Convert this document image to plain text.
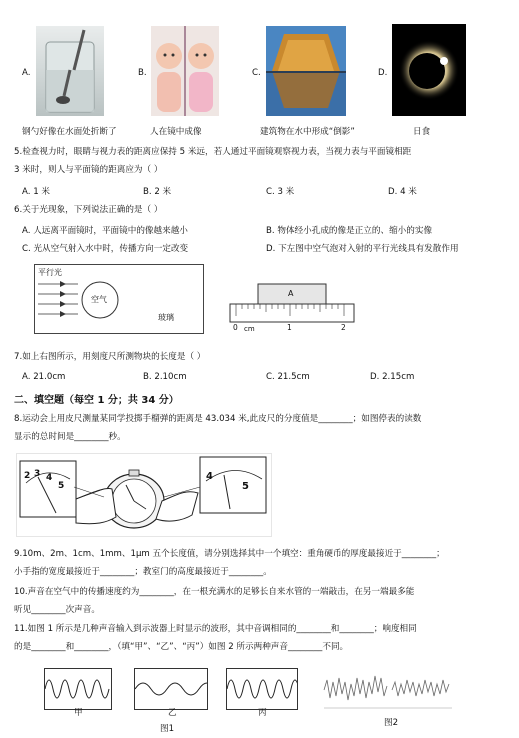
A.	B.	C.	D.
钢勺好像在水面处折断了	人在镜中成像	建筑物在水中形成“倒影”	日食
5.检查视力时，眼睛与视力表的距离应保持 5 米远，若人通过平面镜观察视力表，当视力表与平面镜相距
3 米时，则人与平面镜的距离应为（ ）
A. 1 米	B. 2 米	C. 3 米	D. 4 米
6.关于光现象，下列说法正确的是（ ）
A. 人远离平面镜时，平面镜中的像越来越小	B. 物体经小孔成的像是正立的、缩小的实像
C. 光从空气射入水中时，传播方向一定改变	D. 下左图中空气泡对入射的平行光线具有发散作用
平行光
空气
玻璃
A
0 cm	1	2
7.如上右图所示，用刻度尺所测物块的长度是（ ）
A. 21.0cm	B. 2.10cm	C. 21.5cm	D. 2.15cm
二、填空题（每空 1 分；共 34 分）
8.运动会上用皮尺测量某同学投掷手榴弹的距离是 43.034 米,此皮尺的分度值是________；如图停表的读数
显示的总时间是________秒。
2 3 4
5
4
5
9.10m、2m、1cm、1mm、1μm 五个长度值，请分别选择其中一个填空：重角硬币的厚度最接近于________；
小手指的宽度最接近于________；教室门的高度最接近于________。
10.声音在空气中的传播速度约为________，在一根充满水的足够长自来水管的一端敲击，在另一端最多能
听见________次声音。
11.如图 1 所示是几种声音输入到示波器上时显示的波形，其中音调相同的________和________；响度相同
的是________和________，（填“甲”、“乙”、“丙”）如图 2 所示两种声音________不同。
甲	乙	丙
图1
图2
